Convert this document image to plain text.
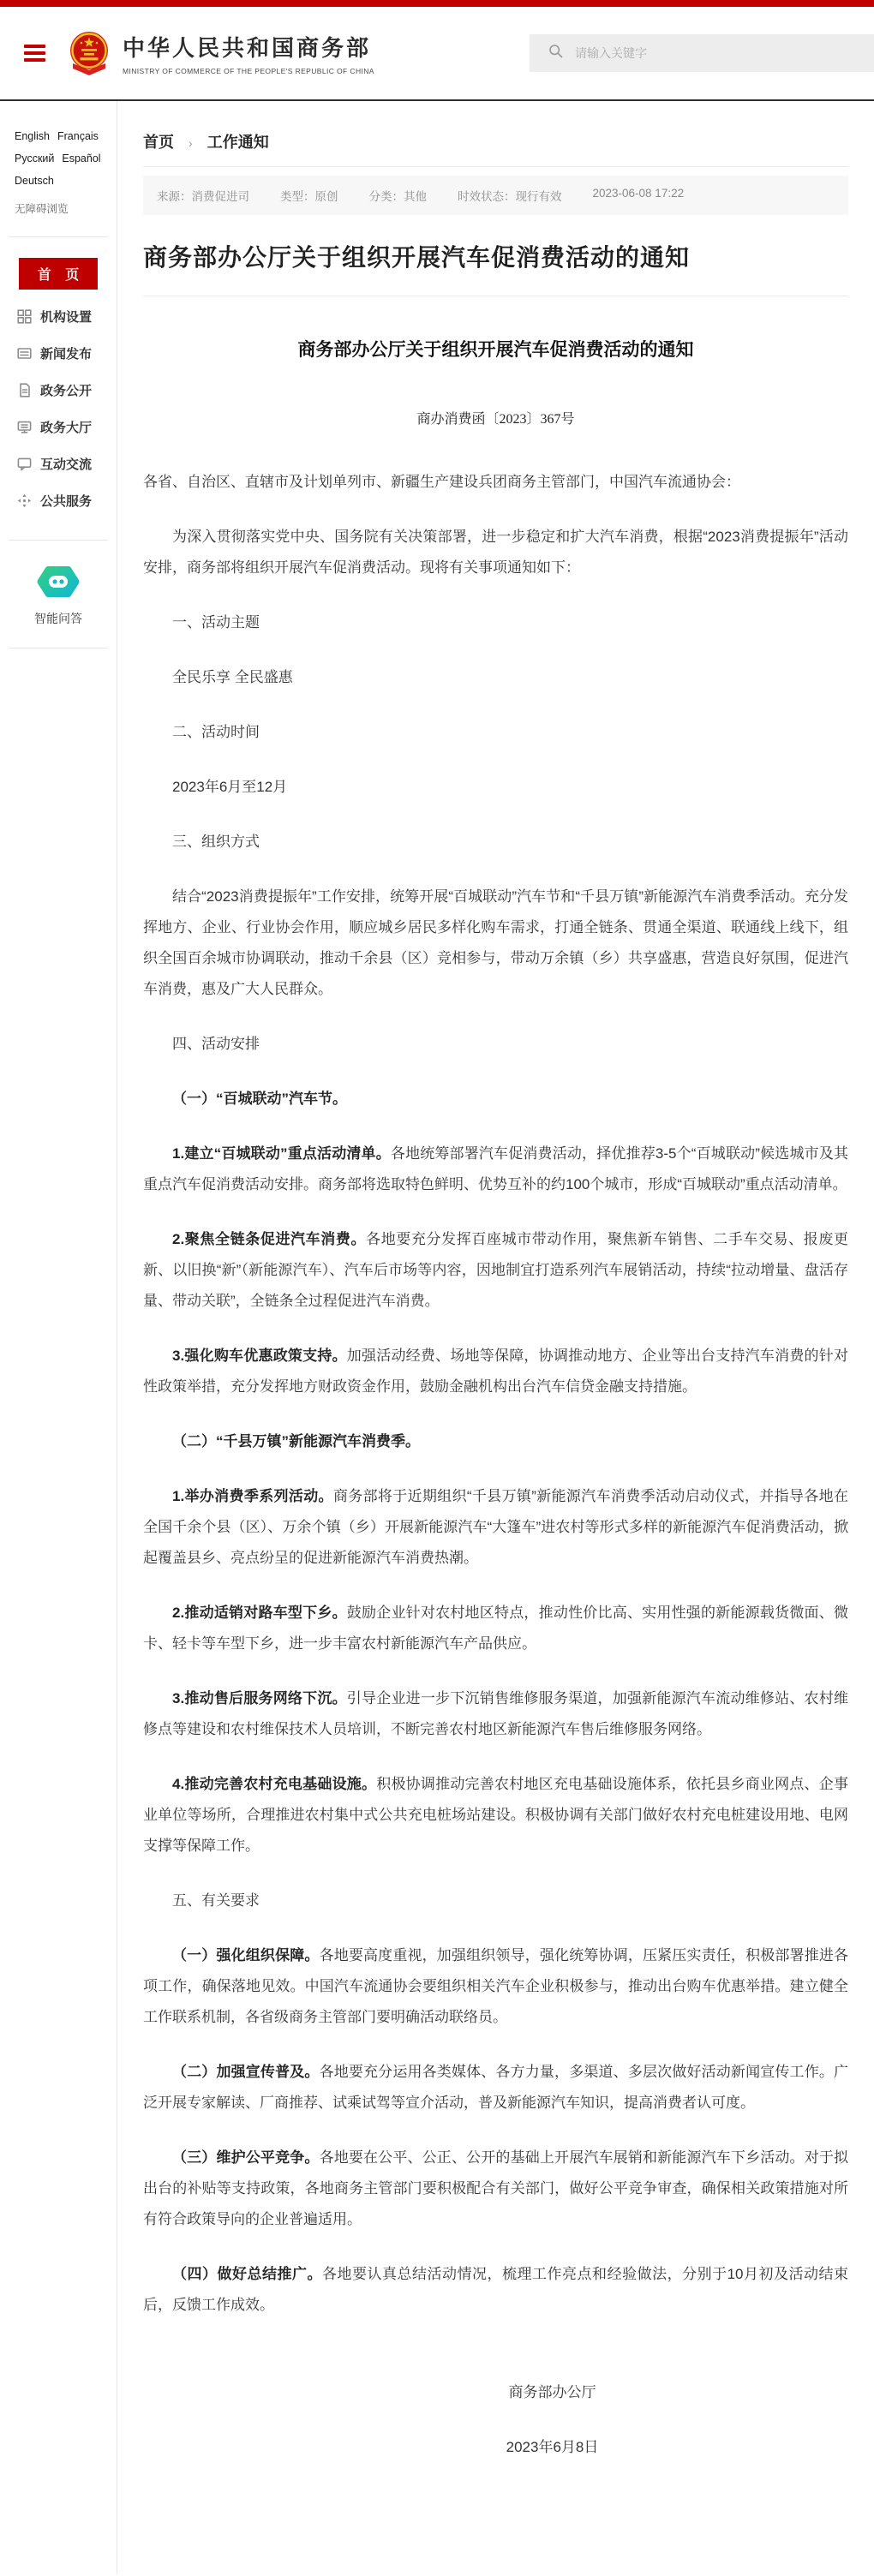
中华人民共和国商务部
MINISTRY OF COMMERCE OF THE PEOPLE'S REPUBLIC OF CHINA
请输入关键字
English Français
Русский Español
Deutsch
无障碍浏览
首 页
机构设置
新闻发布
政务公开
政务大厅
互动交流
公共服务
智能问答
首页 › 工作通知
来源：消费促进司	类型：原创	分类：其他	时效状态：现行有效	2023-06-08 17:22
商务部办公厅关于组织开展汽车促消费活动的通知
商务部办公厅关于组织开展汽车促消费活动的通知
商办消费函〔2023〕367号

各省、自治区、直辖市及计划单列市、新疆生产建设兵团商务主管部门，中国汽车流通协会：

为深入贯彻落实党中央、国务院有关决策部署，进一步稳定和扩大汽车消费，根据“2023消费提振年”活动安排，商务部将组织开展汽车促消费活动。现将有关事项通知如下：

一、活动主题

全民乐享 全民盛惠

二、活动时间

2023年6月至12月

三、组织方式

结合“2023消费提振年”工作安排，统筹开展“百城联动”汽车节和“千县万镇”新能源汽车消费季活动。充分发挥地方、企业、行业协会作用，顺应城乡居民多样化购车需求，打通全链条、贯通全渠道、联通线上线下，组织全国百余城市协调联动，推动千余县（区）竞相参与，带动万余镇（乡）共享盛惠，营造良好氛围，促进汽车消费，惠及广大人民群众。

四、活动安排

（一）“百城联动”汽车节。

1.建立“百城联动”重点活动清单。各地统筹部署汽车促消费活动，择优推荐3-5个“百城联动”候选城市及其重点汽车促消费活动安排。商务部将选取特色鲜明、优势互补的约100个城市，形成“百城联动”重点活动清单。

2.聚焦全链条促进汽车消费。各地要充分发挥百座城市带动作用，聚焦新车销售、二手车交易、报废更新、以旧换“新”（新能源汽车）、汽车后市场等内容，因地制宜打造系列汽车展销活动，持续“拉动增量、盘活存量、带动关联”，全链条全过程促进汽车消费。

3.强化购车优惠政策支持。加强活动经费、场地等保障，协调推动地方、企业等出台支持汽车消费的针对性政策举措，充分发挥地方财政资金作用，鼓励金融机构出台汽车信贷金融支持措施。

（二）“千县万镇”新能源汽车消费季。

1.举办消费季系列活动。商务部将于近期组织“千县万镇”新能源汽车消费季活动启动仪式，并指导各地在全国千余个县（区）、万余个镇（乡）开展新能源汽车“大篷车”进农村等形式多样的新能源汽车促消费活动，掀起覆盖县乡、亮点纷呈的促进新能源汽车消费热潮。

2.推动适销对路车型下乡。鼓励企业针对农村地区特点，推动性价比高、实用性强的新能源载货微面、微卡、轻卡等车型下乡，进一步丰富农村新能源汽车产品供应。

3.推动售后服务网络下沉。引导企业进一步下沉销售维修服务渠道，加强新能源汽车流动维修站、农村维修点等建设和农村维保技术人员培训，不断完善农村地区新能源汽车售后维修服务网络。

4.推动完善农村充电基础设施。积极协调推动完善农村地区充电基础设施体系，依托县乡商业网点、企事业单位等场所，合理推进农村集中式公共充电桩场站建设。积极协调有关部门做好农村充电桩建设用地、电网支撑等保障工作。

五、有关要求

（一）强化组织保障。各地要高度重视，加强组织领导，强化统筹协调，压紧压实责任，积极部署推进各项工作，确保落地见效。中国汽车流通协会要组织相关汽车企业积极参与，推动出台购车优惠举措。建立健全工作联系机制，各省级商务主管部门要明确活动联络员。

（二）加强宣传普及。各地要充分运用各类媒体、各方力量，多渠道、多层次做好活动新闻宣传工作。广泛开展专家解读、厂商推荐、试乘试驾等宣介活动，普及新能源汽车知识，提高消费者认可度。

（三）维护公平竞争。各地要在公平、公正、公开的基础上开展汽车展销和新能源汽车下乡活动。对于拟出台的补贴等支持政策，各地商务主管部门要积极配合有关部门，做好公平竞争审查，确保相关政策措施对所有符合政策导向的企业普遍适用。

（四）做好总结推广。各地要认真总结活动情况，梳理工作亮点和经验做法，分别于10月初及活动结束后，反馈工作成效。

商务部办公厅
2023年6月8日
